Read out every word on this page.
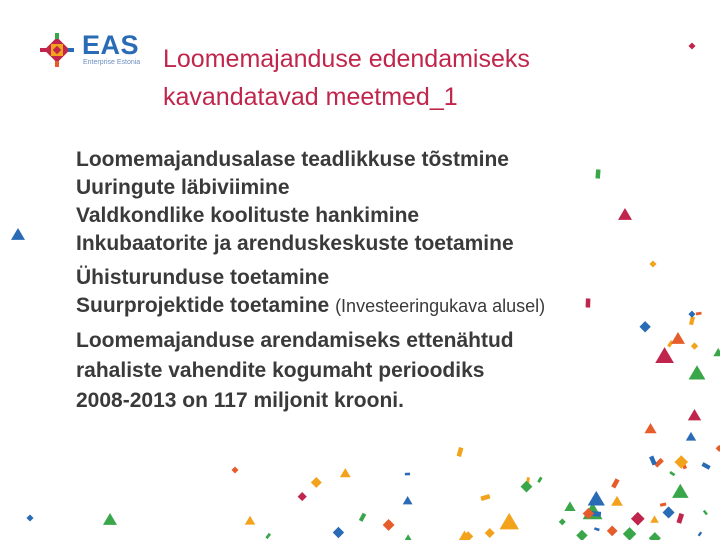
EAS
Enterprise Estonia Loomemajanduse edendamiseks
kavandatavad meetmed_1
Loomemajandusalase teadlikkuse tõstmine
Uuringute läbiviimine
Valdkondlike koolituste hankimine
Inkubaatorite ja arenduskeskuste toetamine
Ühisturunduse toetamine
Suurprojektide toetamine (Investeeringukava alusel)
Loomemajanduse arendamiseks ettenähtud
rahaliste vahendite kogumaht perioodiks
2008-2013 on 117 miljonit krooni.
